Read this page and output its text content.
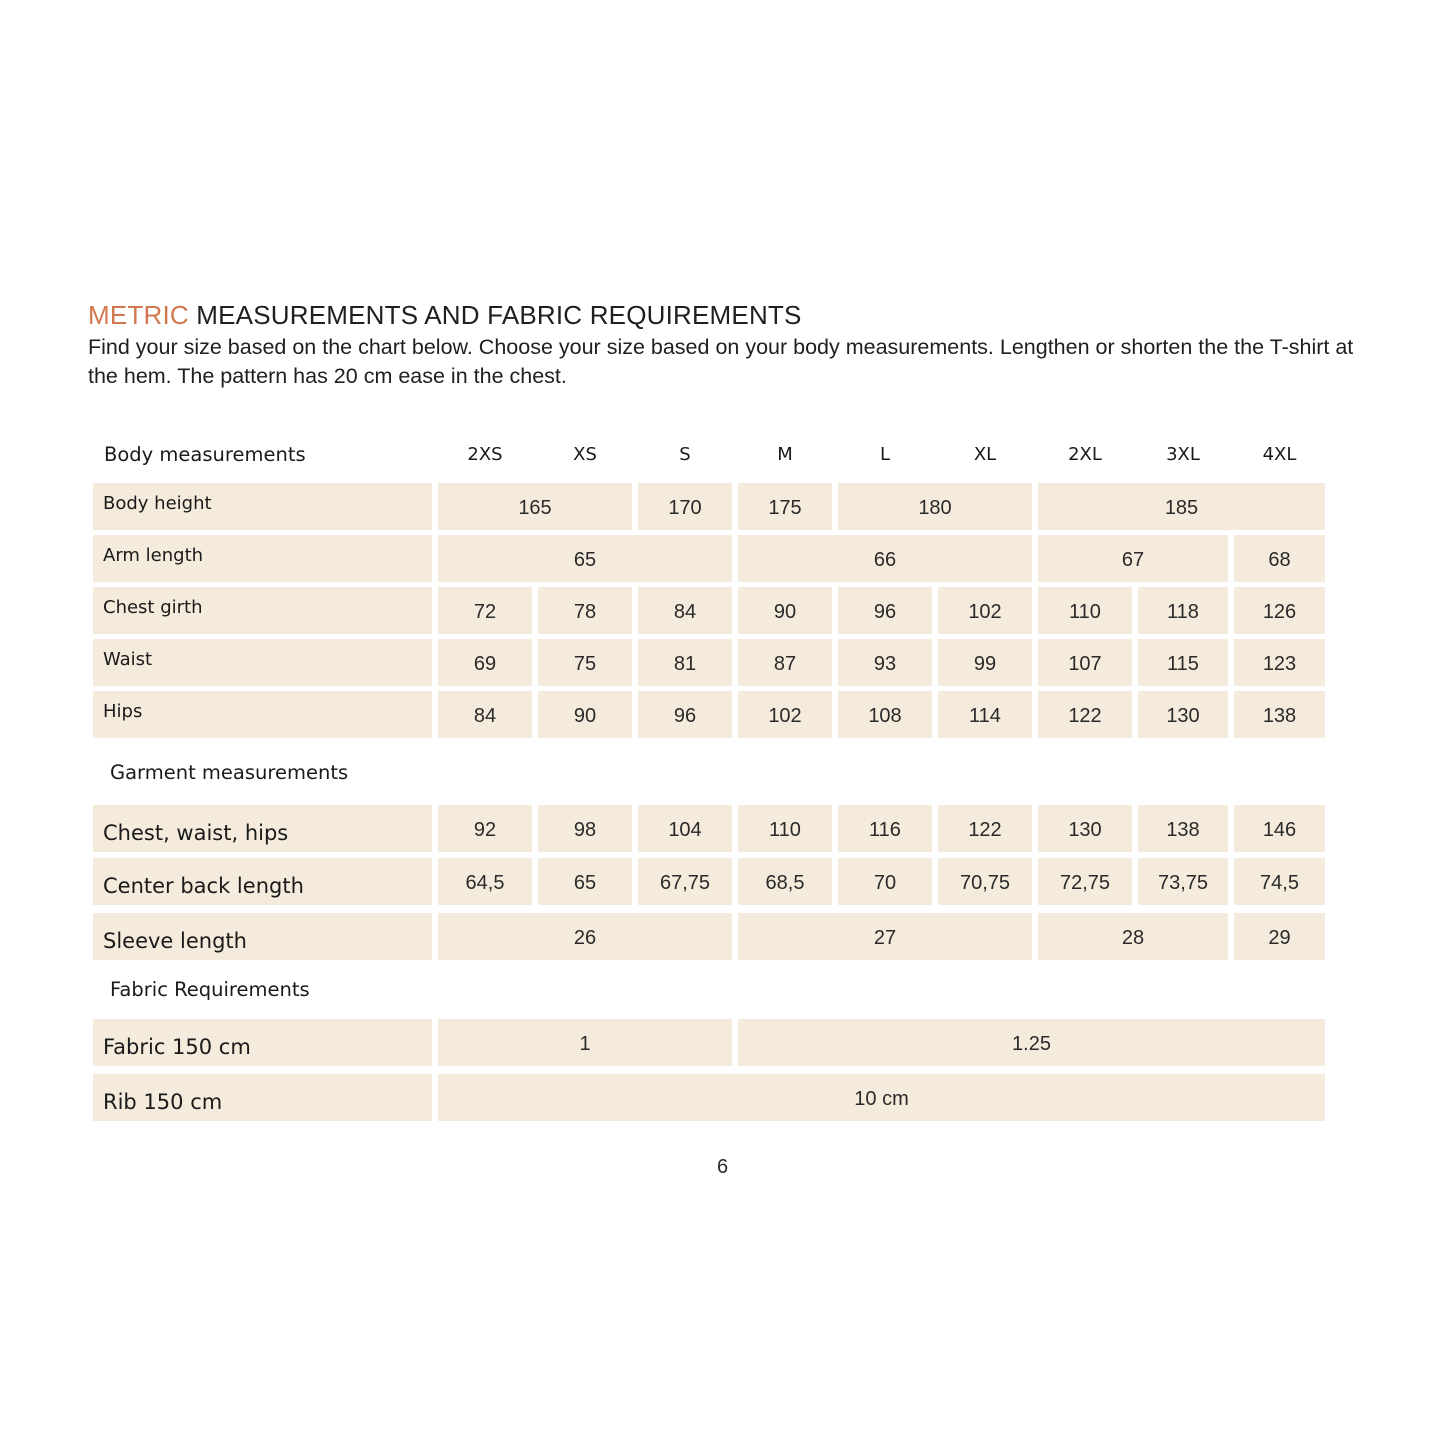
METRIC MEASUREMENTS AND FABRIC REQUIREMENTS
Find your size based on the chart below. Choose your size based on your body measurements. Lengthen or shorten the the T-shirt at the hem. The pattern has 20 cm ease in the chest.
Body measurements
Garment measurements
Fabric Requirements
2XS	XS	S	M	L	XL	2XL	3XL	4XL
Body height	165	170	175	180	185
Arm length	65	66	67	68
Chest girth	72	78	84	90	96	102	110	118	126
Waist	69	75	81	87	93	99	107	115	123
Hips	84	90	96	102	108	114	122	130	138
Chest, waist, hips	92	98	104	110	116	122	130	138	146
Center back length	64,5	65	67,75	68,5	70	70,75	72,75	73,75	74,5
Sleeve length	26	27	28	29
Fabric 150 cm	1	1.25
Rib 150 cm	10 cm
6
